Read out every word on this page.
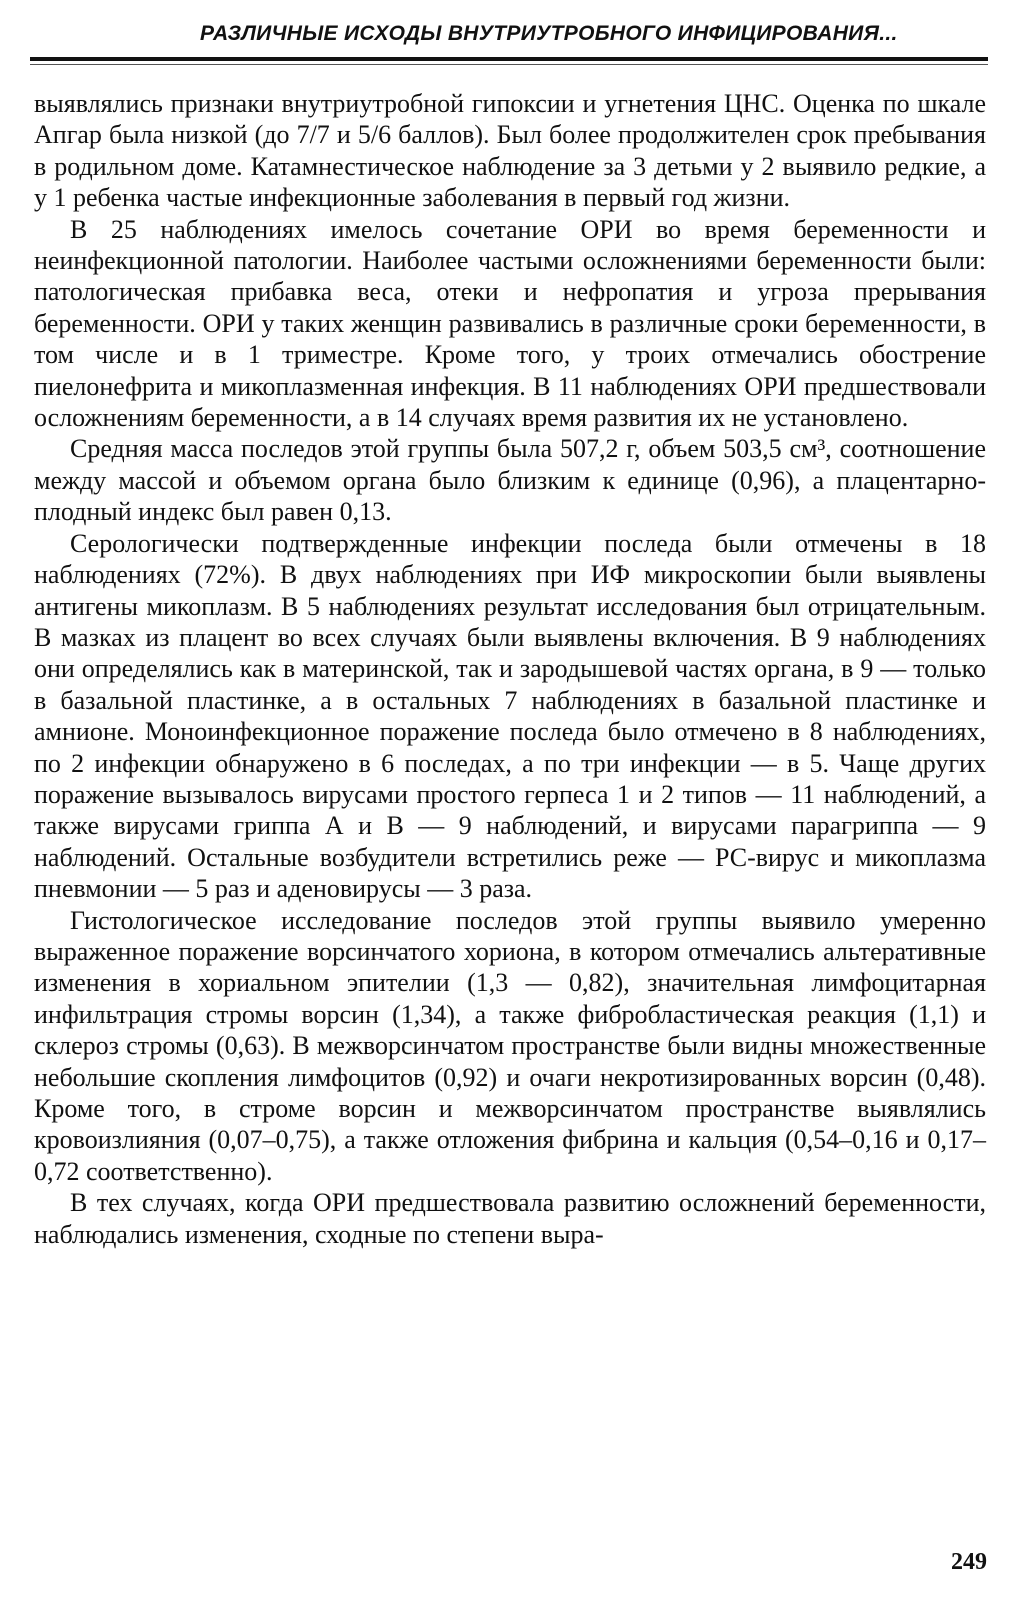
РАЗЛИЧНЫЕ ИСХОДЫ ВНУТРИУТРОБНОГО ИНФИЦИРОВАНИЯ...

выявлялись признаки внутриутробной гипоксии и угнетения ЦНС. Оценка по шкале Апгар была низкой (до 7/7 и 5/6 баллов). Был более продолжителен срок пребывания в родильном доме. Катамнестическое наблюдение за 3 детьми у 2 выявило редкие, а у 1 ребенка частые инфекционные заболевания в первый год жизни.

В 25 наблюдениях имелось сочетание ОРИ во время беременности и неинфекционной патологии. Наиболее частыми осложнениями беременности были: патологическая прибавка веса, отеки и нефропатия и угроза прерывания беременности. ОРИ у таких женщин развивались в различные сроки беременности, в том числе и в 1 триместре. Кроме того, у троих отмечались обострение пиелонефрита и микоплазменная инфекция. В 11 наблюдениях ОРИ предшествовали осложнениям беременности, а в 14 случаях время развития их не установлено.

Средняя масса последов этой группы была 507,2 г, объем 503,5 см³, соотношение между массой и объемом органа было близким к единице (0,96), а плацентарно-плодный индекс был равен 0,13.

Серологически подтвержденные инфекции последа были отмечены в 18 наблюдениях (72%). В двух наблюдениях при ИФ микроскопии были выявлены антигены микоплазм. В 5 наблюдениях результат исследования был отрицательным. В мазках из плацент во всех случаях были выявлены включения. В 9 наблюдениях они определялись как в материнской, так и зародышевой частях органа, в 9 — только в базальной пластинке, а в остальных 7 наблюдениях в базальной пластинке и амнионе. Моноинфекционное поражение последа было отмечено в 8 наблюдениях, по 2 инфекции обнаружено в 6 последах, а по три инфекции — в 5. Чаще других поражение вызывалось вирусами простого герпеса 1 и 2 типов — 11 наблюдений, а также вирусами гриппа А и В — 9 наблюдений, и вирусами парагриппа — 9 наблюдений. Остальные возбудители встретились реже — РС-вирус и микоплазма пневмонии — 5 раз и аденовирусы — 3 раза.

Гистологическое исследование последов этой группы выявило умеренно выраженное поражение ворсинчатого хориона, в котором отмечались альтеративные изменения в хориальном эпителии (1,3 — 0,82), значительная лимфоцитарная инфильтрация стромы ворсин (1,34), а также фибробластическая реакция (1,1) и склероз стромы (0,63). В межворсинчатом пространстве были видны множественные небольшие скопления лимфоцитов (0,92) и очаги некротизированных ворсин (0,48). Кроме того, в строме ворсин и межворсинчатом пространстве выявлялись кровоизлияния (0,07–0,75), а также отложения фибрина и кальция (0,54–0,16 и 0,17–0,72 соответственно).

В тех случаях, когда ОРИ предшествовала развитию осложнений беременности, наблюдались изменения, сходные по степени выра-

249
